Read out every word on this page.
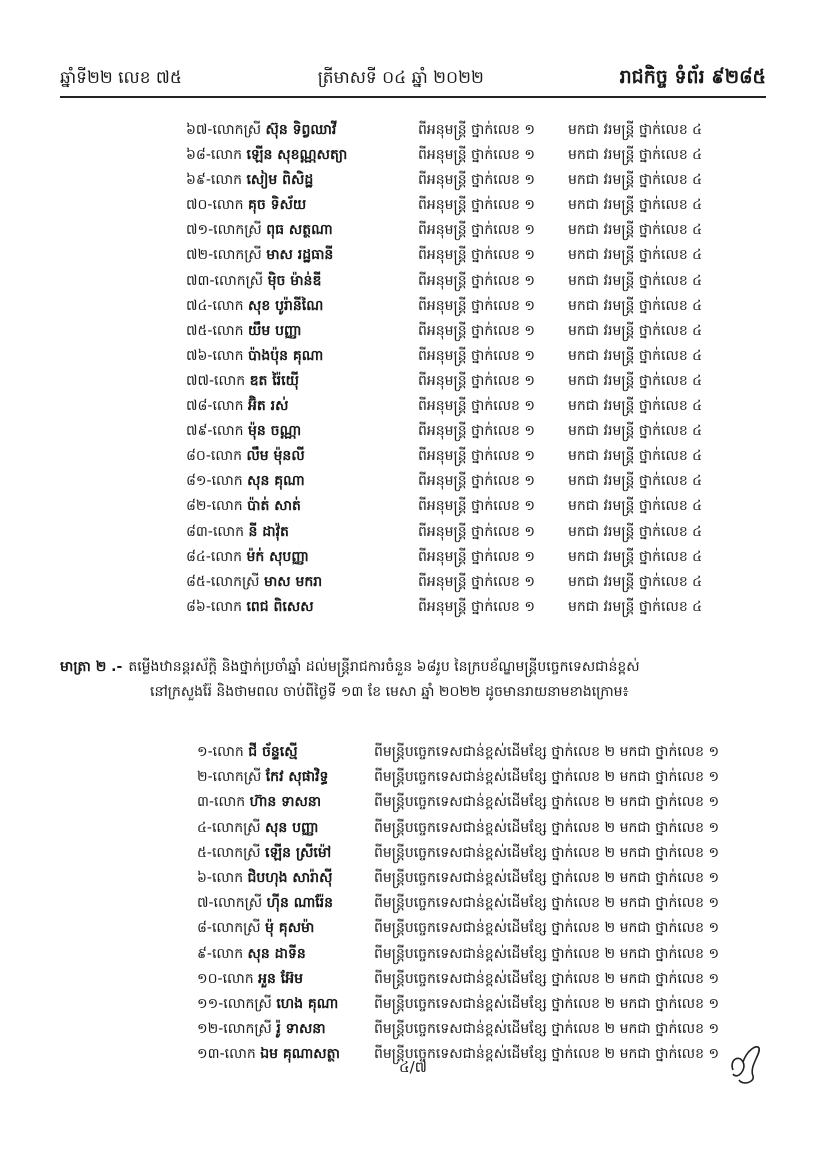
ឆ្នាំទី២២ លេខ ៧៥	ត្រីមាសទី ០៤ ឆ្នាំ ២០២២	រាជកិច្ច ទំព័រ ៩២៨៥
៦៧-លោកស្រី ស៊ុន ទិព្វឈាវី	ពីអនុមន្ត្រី ថ្នាក់លេខ ១ មកជា វរមន្ត្រី ថ្នាក់លេខ ៤
៦៨-លោក ឡើន សុខណ្ណសត្យា	ពីអនុមន្ត្រី ថ្នាក់លេខ ១ មកជា វរមន្ត្រី ថ្នាក់លេខ ៤
៦៩-លោក សៀម ពិសិដ្ឋ	ពីអនុមន្ត្រី ថ្នាក់លេខ ១ មកជា វរមន្ត្រី ថ្នាក់លេខ ៤
៧០-លោក គុច ទិស័យ	ពីអនុមន្ត្រី ថ្នាក់លេខ ១ មកជា វរមន្ត្រី ថ្នាក់លេខ ៤
៧១-លោកស្រី ពុធ សត្ថណា	ពីអនុមន្ត្រី ថ្នាក់លេខ ១ មកជា វរមន្ត្រី ថ្នាក់លេខ ៤
៧២-លោកស្រី មាស រដ្ឋធានី	ពីអនុមន្ត្រី ថ្នាក់លេខ ១ មកជា វរមន្ត្រី ថ្នាក់លេខ ៤
៧៣-លោកស្រី ម៉ិច ម៉ាន់ឌី	ពីអនុមន្ត្រី ថ្នាក់លេខ ១ មកជា វរមន្ត្រី ថ្នាក់លេខ ៤
៧៤-លោក សុខ បូរ៉ានីណៃ	ពីអនុមន្ត្រី ថ្នាក់លេខ ១ មកជា វរមន្ត្រី ថ្នាក់លេខ ៤
៧៥-លោក យឹម បញ្ញា	ពីអនុមន្ត្រី ថ្នាក់លេខ ១ មកជា វរមន្ត្រី ថ្នាក់លេខ ៤
៧៦-លោក ប៉ាងប៉ុន គុណា	ពីអនុមន្ត្រី ថ្នាក់លេខ ១ មកជា វរមន្ត្រី ថ្នាក់លេខ ៤
៧៧-លោក ឌត រ៉ៃយ៉ើ	ពីអនុមន្ត្រី ថ្នាក់លេខ ១ មកជា វរមន្ត្រី ថ្នាក់លេខ ៤
៧៨-លោក អ៊ិត រស់	ពីអនុមន្ត្រី ថ្នាក់លេខ ១ មកជា វរមន្ត្រី ថ្នាក់លេខ ៤
៧៩-លោក ម៉ុន ចណ្ណា	ពីអនុមន្ត្រី ថ្នាក់លេខ ១ មកជា វរមន្ត្រី ថ្នាក់លេខ ៤
៨០-លោក លឹម ម៉ុនលី	ពីអនុមន្ត្រី ថ្នាក់លេខ ១ មកជា វរមន្ត្រី ថ្នាក់លេខ ៤
៨១-លោក សុន គុណា	ពីអនុមន្ត្រី ថ្នាក់លេខ ១ មកជា វរមន្ត្រី ថ្នាក់លេខ ៤
៨២-លោក ប៉ាត់ សាត់	ពីអនុមន្ត្រី ថ្នាក់លេខ ១ មកជា វរមន្ត្រី ថ្នាក់លេខ ៤
៨៣-លោក នី ដាវ៉ុត	ពីអនុមន្ត្រី ថ្នាក់លេខ ១ មកជា វរមន្ត្រី ថ្នាក់លេខ ៤
៨៤-លោក ម៉ក់ សុបញ្ញា	ពីអនុមន្ត្រី ថ្នាក់លេខ ១ មកជា វរមន្ត្រី ថ្នាក់លេខ ៤
៨៥-លោកស្រី មាស មករា	ពីអនុមន្ត្រី ថ្នាក់លេខ ១ មកជា វរមន្ត្រី ថ្នាក់លេខ ៤
៨៦-លោក ពេជ ពិសេស	ពីអនុមន្ត្រី ថ្នាក់លេខ ១ មកជា វរមន្ត្រី ថ្នាក់លេខ ៤
មាត្រា ២ .- តម្លើងឋានន្តរស័ក្តិ និងថ្នាក់ប្រចាំឆ្នាំ ដល់មន្ត្រីរាជការចំនួន ៦៨រូប នៃក្របខ័ណ្ឌមន្ត្រីបច្ចេកទេសជាន់ខ្ពស់
នៅក្រសួងរ៉ែ និងថាមពល ចាប់ពីថ្ងៃទី ១៣ ខែ មេសា ឆ្នាំ ២០២២ ដូចមានរាយនាមខាងក្រោម៖
១-លោក ជី ច័ន្ទស្មើ	ពីមន្ត្រីបច្ចេកទេសជាន់ខ្ពស់ដើមខ្សែ ថ្នាក់លេខ ២ មកជា ថ្នាក់លេខ ១
២-លោកស្រី កែវ សុផាវិទ្ធ	ពីមន្ត្រីបច្ចេកទេសជាន់ខ្ពស់ដើមខ្សែ ថ្នាក់លេខ ២ មកជា ថ្នាក់លេខ ១
៣-លោក ហ៊ាន ទាសនា	ពីមន្ត្រីបច្ចេកទេសជាន់ខ្ពស់ដើមខ្សែ ថ្នាក់លេខ ២ មកជា ថ្នាក់លេខ ១
៤-លោកស្រី សុន បញ្ញា	ពីមន្ត្រីបច្ចេកទេសជាន់ខ្ពស់ដើមខ្សែ ថ្នាក់លេខ ២ មកជា ថ្នាក់លេខ ១
៥-លោកស្រី ឡើន ស្រីម៉ៅ	ពីមន្ត្រីបច្ចេកទេសជាន់ខ្ពស់ដើមខ្សែ ថ្នាក់លេខ ២ មកជា ថ្នាក់លេខ ១
៦-លោក ជិបហុង សារ៉ាស៊ី	ពីមន្ត្រីបច្ចេកទេសជាន់ខ្ពស់ដើមខ្សែ ថ្នាក់លេខ ២ មកជា ថ្នាក់លេខ ១
៧-លោកស្រី ហ៊ីន ណារ៉ែន	ពីមន្ត្រីបច្ចេកទេសជាន់ខ្ពស់ដើមខ្សែ ថ្នាក់លេខ ២ មកជា ថ្នាក់លេខ ១
៨-លោកស្រី ម៉ុ គុសម៉ា	ពីមន្ត្រីបច្ចេកទេសជាន់ខ្ពស់ដើមខ្សែ ថ្នាក់លេខ ២ មកជា ថ្នាក់លេខ ១
៩-លោក សុន ដាទីន	ពីមន្ត្រីបច្ចេកទេសជាន់ខ្ពស់ដើមខ្សែ ថ្នាក់លេខ ២ មកជា ថ្នាក់លេខ ១
១០-លោក អួន អ៊ែម	ពីមន្ត្រីបច្ចេកទេសជាន់ខ្ពស់ដើមខ្សែ ថ្នាក់លេខ ២ មកជា ថ្នាក់លេខ ១
១១-លោកស្រី ហេង គុណា	ពីមន្ត្រីបច្ចេកទេសជាន់ខ្ពស់ដើមខ្សែ ថ្នាក់លេខ ២ មកជា ថ្នាក់លេខ ១
១២-លោកស្រី រ៉ូ ទាសនា	ពីមន្ត្រីបច្ចេកទេសជាន់ខ្ពស់ដើមខ្សែ ថ្នាក់លេខ ២ មកជា ថ្នាក់លេខ ១
១៣-លោក ឯម គុណាសត្ថា ពីមន្ត្រីបច្ចេកទេសជាន់ខ្ពស់ដើមខ្សែ ថ្នាក់លេខ ២ មកជា ថ្នាក់លេខ ១
៤/៧
